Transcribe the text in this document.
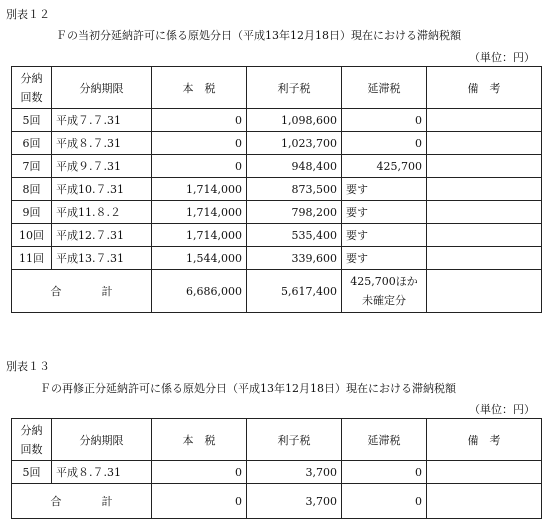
別表１２
Ｆの当初分延納許可に係る原処分日（平成13年12月18日）現在における滞納税額
（単位：円）
分納
回数	分納期限	本　税	利子税	延滞税	備　考
5回	平成７.７.31	0	1,098,600	0	
6回	平成８.７.31	0	1,023,700	0	
7回	平成９.７.31	0	948,400	425,700	
8回	平成10.７.31	1,714,000	873,500	要す	
9回	平成11.８.２	1,714,000	798,200	要す	
10回	平成12.７.31	1,714,000	535,400	要す	
11回	平成13.７.31	1,544,000	339,600	要す	
合 計		6,686,000	5,617,400	425,700ほか
未確定分	

別表１３
Ｆの再修正分延納許可に係る原処分日（平成13年12月18日）現在における滞納税額
（単位：円）
分納
回数	分納期限	本　税	利子税	延滞税	備　考
5回	平成８.７.31	0	3,700	0	
合 計		0	3,700	0	
